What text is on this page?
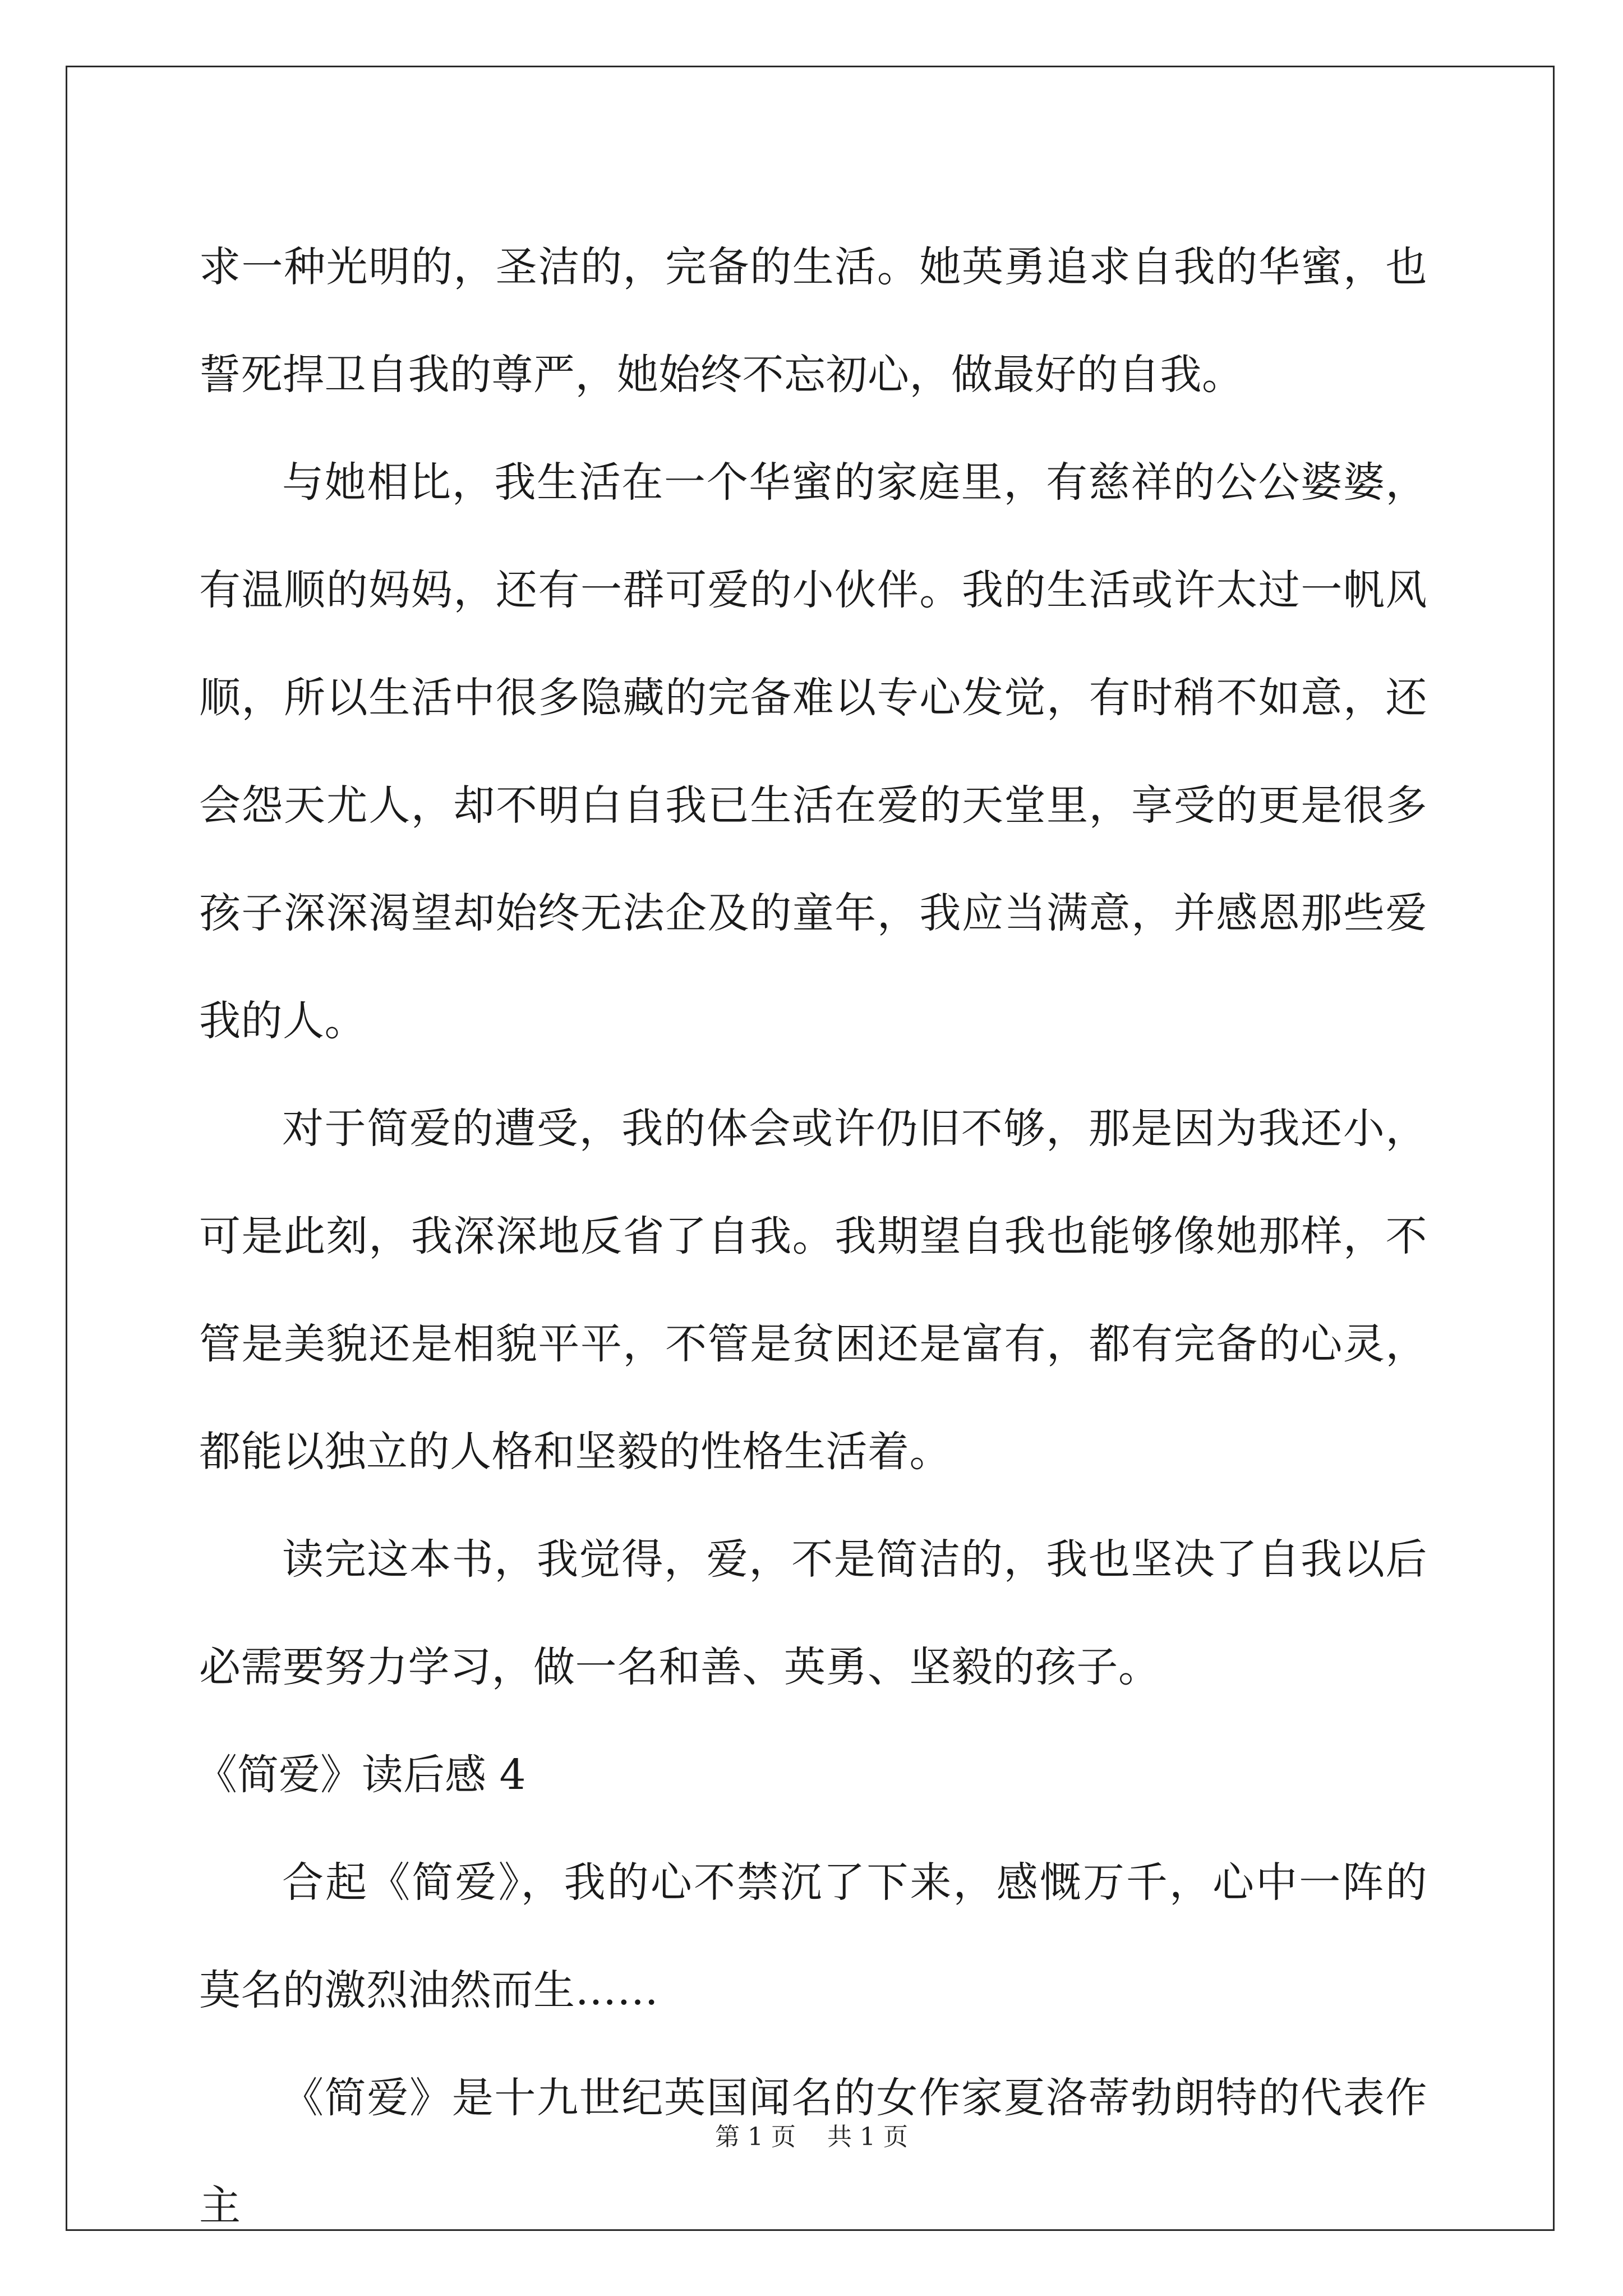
求一种光明的，圣洁的，完备的生活。她英勇追求自我的华蜜，也誓死捍卫自我的尊严，她始终不忘初心，做最好的自我。

与她相比，我生活在一个华蜜的家庭里，有慈祥的公公婆婆，有温顺的妈妈，还有一群可爱的小伙伴。我的生活或许太过一帆风顺，所以生活中很多隐藏的完备难以专心发觉，有时稍不如意，还会怨天尤人，却不明白自我已生活在爱的天堂里，享受的更是很多孩子深深渴望却始终无法企及的童年，我应当满意，并感恩那些爱我的人。

对于简爱的遭受，我的体会或许仍旧不够，那是因为我还小，可是此刻，我深深地反省了自我。我期望自我也能够像她那样，不管是美貌还是相貌平平，不管是贫困还是富有，都有完备的心灵，都能以独立的人格和坚毅的性格生活着。

读完这本书，我觉得，爱，不是简洁的，我也坚决了自我以后必需要努力学习，做一名和善、英勇、坚毅的孩子。

《简爱》读后感 4

合起《简爱》，我的心不禁沉了下来，感慨万千，心中一阵的莫名的激烈油然而生……

《简爱》是十九世纪英国闻名的女作家夏洛蒂勃朗特的代表作主

第 1 页 共 1 页
